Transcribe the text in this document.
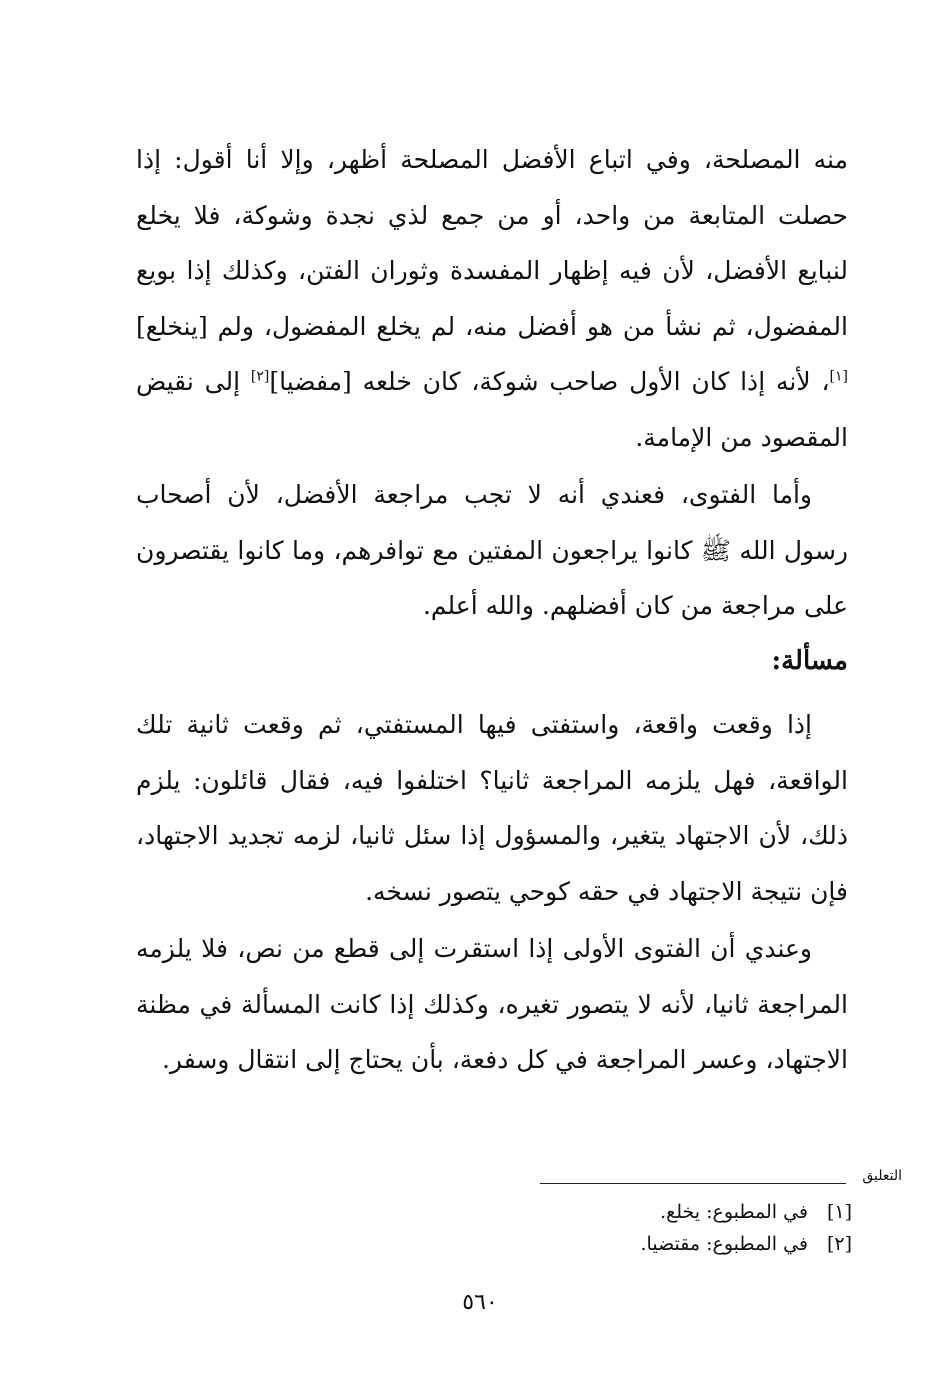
منه المصلحة، وفي اتباع الأفضل المصلحة أظهر، وإلا أنا أقول: إذا حصلت المتابعة من واحد، أو من جمع لذي نجدة وشوكة، فلا يخلع لنبايع الأفضل، لأن فيه إظهار المفسدة وثوران الفتن، وكذلك إذا بويع المفضول، ثم نشأ من هو أفضل منه، لم يخلع المفضول، ولم [ينخلع][١]، لأنه إذا كان الأول صاحب شوكة، كان خلعه [مفضيا][٢] إلى نقيض المقصود من الإمامة.

وأما الفتوى، فعندي أنه لا تجب مراجعة الأفضل، لأن أصحاب رسول الله ﷺ كانوا يراجعون المفتين مع توافرهم، وما كانوا يقتصرون على مراجعة من كان أفضلهم. والله أعلم.

مسألة:

إذا وقعت واقعة، واستفتى فيها المستفتي، ثم وقعت ثانية تلك الواقعة، فهل يلزمه المراجعة ثانيا؟ اختلفوا فيه، فقال قائلون: يلزم ذلك، لأن الاجتهاد يتغير، والمسؤول إذا سئل ثانيا، لزمه تجديد الاجتهاد، فإن نتيجة الاجتهاد في حقه كوحي يتصور نسخه.

وعندي أن الفتوى الأولى إذا استقرت إلى قطع من نص، فلا يلزمه المراجعة ثانيا، لأنه لا يتصور تغيره، وكذلك إذا كانت المسألة في مظنة الاجتهاد، وعسر المراجعة في كل دفعة، بأن يحتاج إلى انتقال وسفر.

التعليق

[١]في المطبوع: يخلع.

[٢]في المطبوع: مقتضيا.

٥٦٠
